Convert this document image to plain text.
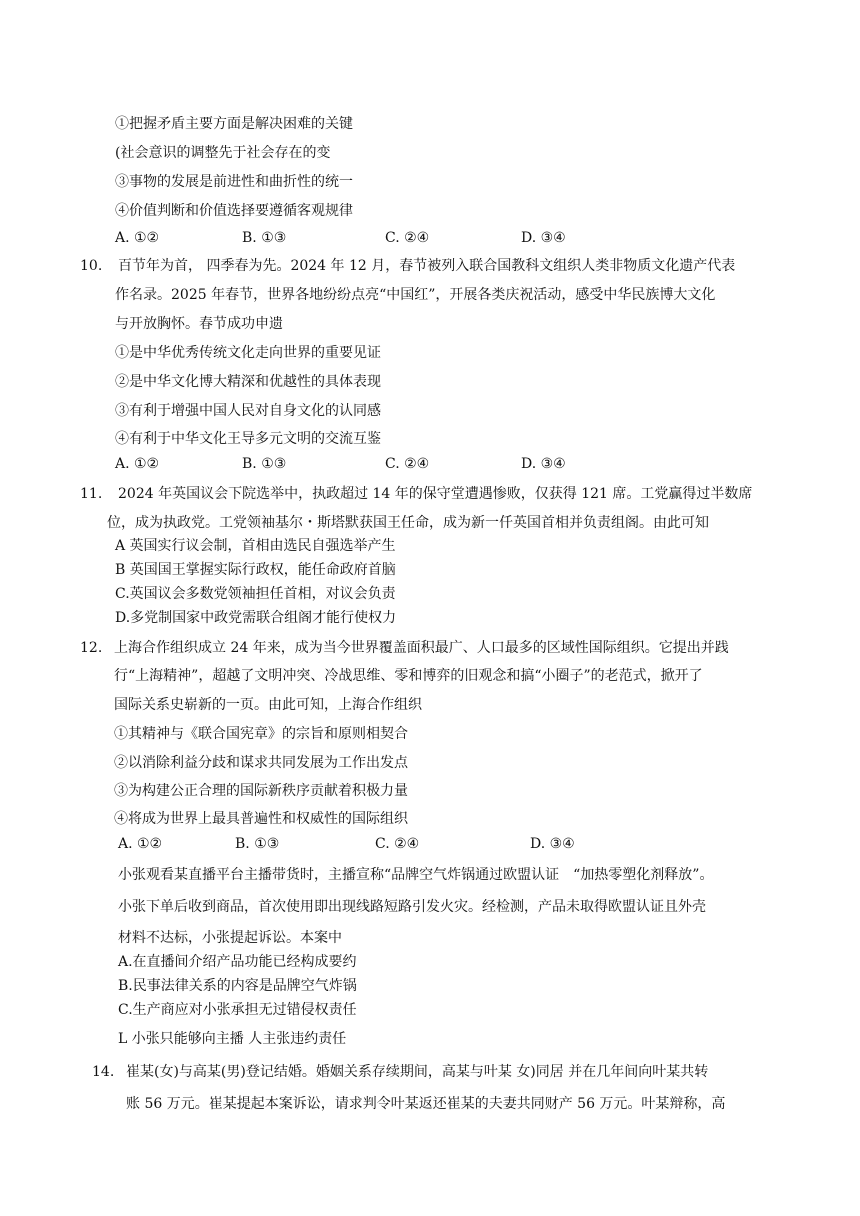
①把握矛盾主要方面是解决困难的关键
(社会意识的调整先于社会存在的变
③事物的发展是前进性和曲折性的统一
④价值判断和价值选择要遵循客观规律
A. ①②	B. ①③	C. ②④	D. ③④
10. 百节年为首， 四季春为先。2024 年 12 月，春节被列入联合国教科文组织人类非物质文化遗产代表
作名录。2025 年春节，世界各地纷纷点亮“中国红”，开展各类庆祝活动，感受中华民族博大文化
与开放胸怀。春节成功申遗
①是中华优秀传统文化走向世界的重要见证
②是中华文化博大精深和优越性的具体表现
③有利于增强中国人民对自身文化的认同感
④有利于中华文化王导多元文明的交流互鉴
A. ①②	B. ①③	C. ②④	D. ③④
11. 2024 年英国议会下院选举中，执政超过 14 年的保守堂遭遇惨败，仅获得 121 席。工党赢得过半数席
位，成为执政党。工党领袖基尔・斯塔默获国王任命，成为新一仟英国首相并负责组阁。由此可知
A 英国实行议会制，首相由选民自强选举产生
B 英国国王掌握实际行政权，能任命政府首脑
C.英国议会多数党领袖担任首相，对议会负责
D.多党制国家中政党需联合组阁才能行使权力
12. 上海合作组织成立 24 年来，成为当今世界覆盖面积最广、人口最多的区域性国际组织。它提出并践
行“上海精神”，超越了文明冲突、冷战思维、零和博弈的旧观念和搞“小圈子”的老范式，掀开了
国际关系史崭新的一页。由此可知，上海合作组织
①其精神与《联合国宪章》的宗旨和原则相契合
②以消除利益分歧和谋求共同发展为工作出发点
③为构建公正合理的国际新秩序贡献着积极力量
④将成为世界上最具普遍性和权威性的国际组织
A. ①②	B. ①③	C. ②④	D. ③④
小张观看某直播平台主播带货时，主播宣称“品牌空气炸锅通过欧盟认证　“加热零塑化剂释放”。
小张下单后收到商品，首次使用即出现线路短路引发火灾。经检测，产品未取得欧盟认证且外壳
材料不达标，小张提起诉讼。本案中
A.在直播间介绍产品功能已经构成要约
B.民事法律关系的内容是品牌空气炸锅
C.生产商应对小张承担无过错侵权责任
L 小张只能够向主播 人主张违约责任
14. 崔某(女)与高某(男)登记结婚。婚姻关系存续期间，高某与叶某 女)同居 并在几年间向叶某共转
账 56 万元。崔某提起本案诉讼，请求判令叶某返还崔某的夫妻共同财产 56 万元。叶某辩称，高
